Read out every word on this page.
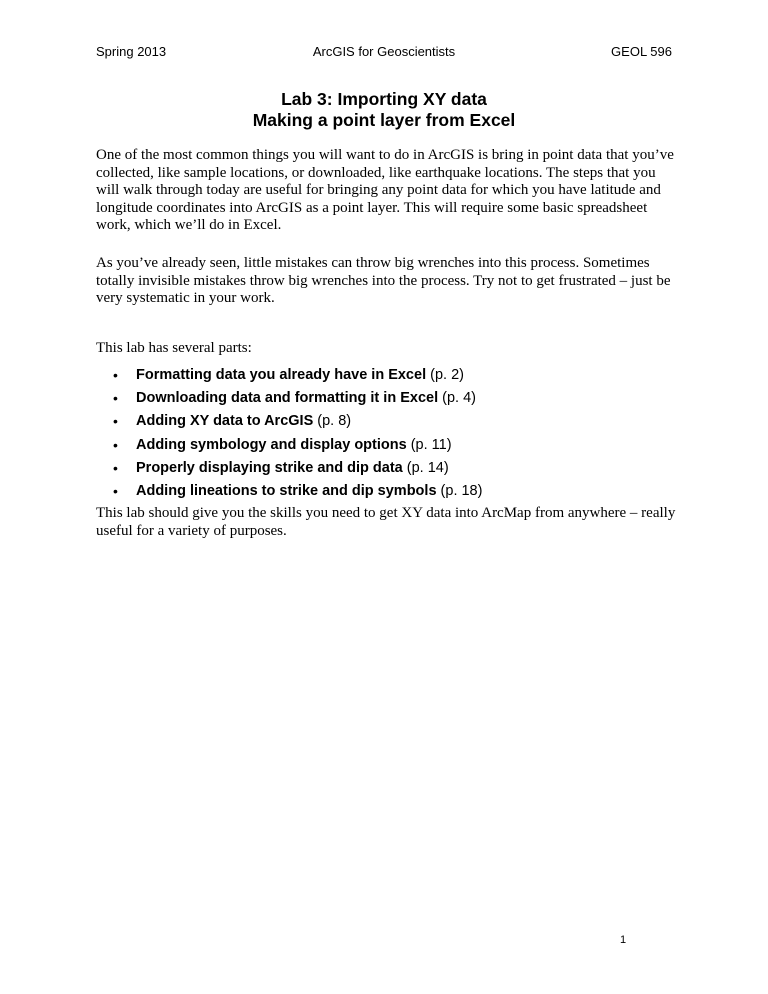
Spring 2013	ArcGIS for Geoscientists	GEOL 596
Lab 3: Importing XY data
Making a point layer from Excel
One of the most common things you will want to do in ArcGIS is bring in point data that you’ve collected, like sample locations, or downloaded, like earthquake locations. The steps that you will walk through today are useful for bringing any point data for which you have latitude and longitude coordinates into ArcGIS as a point layer. This will require some basic spreadsheet work, which we’ll do in Excel.
As you’ve already seen, little mistakes can throw big wrenches into this process. Sometimes totally invisible mistakes throw big wrenches into the process. Try not to get frustrated – just be very systematic in your work.
This lab has several parts:
• Formatting data you already have in Excel (p. 2)
• Downloading data and formatting it in Excel (p. 4)
• Adding XY data to ArcGIS (p. 8)
• Adding symbology and display options (p. 11)
• Properly displaying strike and dip data (p. 14)
• Adding lineations to strike and dip symbols (p. 18)
This lab should give you the skills you need to get XY data into ArcMap from anywhere – really useful for a variety of purposes.
1
